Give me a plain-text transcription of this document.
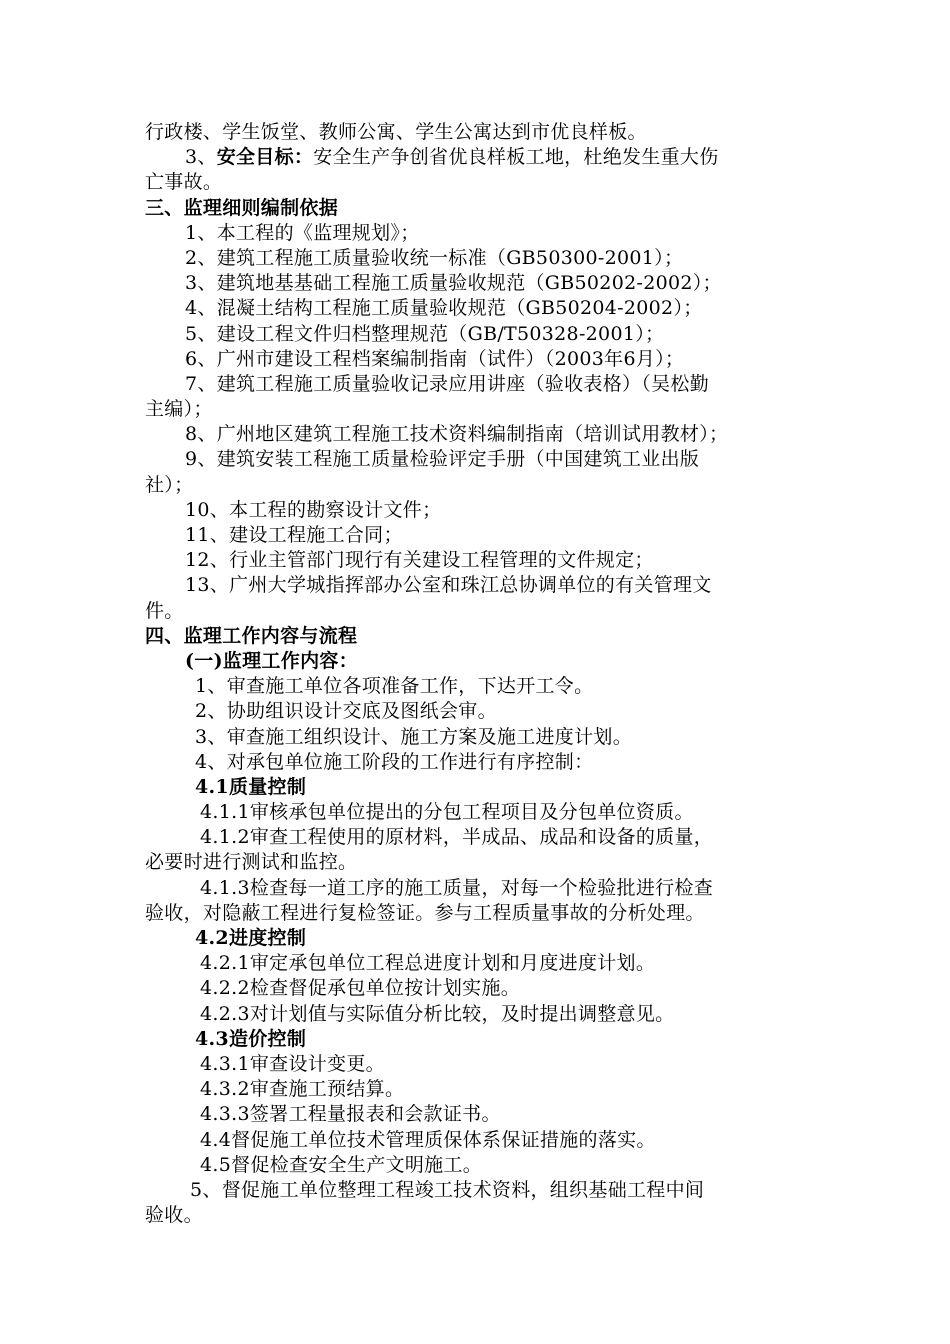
行政楼、学生饭堂、教师公寓、学生公寓达到市优良样板。
3、安全目标：安全生产争创省优良样板工地，杜绝发生重大伤
亡事故。
三、监理细则编制依据
1、本工程的《监理规划》；
2、建筑工程施工质量验收统一标准（GB50300-2001）；
3、建筑地基基础工程施工质量验收规范（GB50202-2002）；
4、混凝土结构工程施工质量验收规范（GB50204-2002）；
5、建设工程文件归档整理规范（GB/T50328-2001）；
6、广州市建设工程档案编制指南（试件）（2003年6月）；
7、建筑工程施工质量验收记录应用讲座（验收表格）（吴松勤
主编）；
8、广州地区建筑工程施工技术资料编制指南（培训试用教材）；
9、建筑安装工程施工质量检验评定手册（中国建筑工业出版
社）；
10、本工程的勘察设计文件；
11、建设工程施工合同；
12、行业主管部门现行有关建设工程管理的文件规定；
13、广州大学城指挥部办公室和珠江总协调单位的有关管理文
件。
四、监理工作内容与流程
(一)监理工作内容：
1、审查施工单位各项准备工作，下达开工令。
2、协助组识设计交底及图纸会审。
3、审查施工组织设计、施工方案及施工进度计划。
4、对承包单位施工阶段的工作进行有序控制：
4.1质量控制
4.1.1审核承包单位提出的分包工程项目及分包单位资质。
4.1.2审查工程使用的原材料，半成品、成品和设备的质量，
必要时进行测试和监控。
4.1.3检查每一道工序的施工质量，对每一个检验批进行检查
验收，对隐蔽工程进行复检签证。参与工程质量事故的分析处理。
4.2进度控制
4.2.1审定承包单位工程总进度计划和月度进度计划。
4.2.2检查督促承包单位按计划实施。
4.2.3对计划值与实际值分析比较，及时提出调整意见。
4.3造价控制
4.3.1审查设计变更。
4.3.2审查施工预结算。
4.3.3签署工程量报表和会款证书。
4.4督促施工单位技术管理质保体系保证措施的落实。
4.5督促检查安全生产文明施工。
5、督促施工单位整理工程竣工技术资料，组织基础工程中间
验收。
